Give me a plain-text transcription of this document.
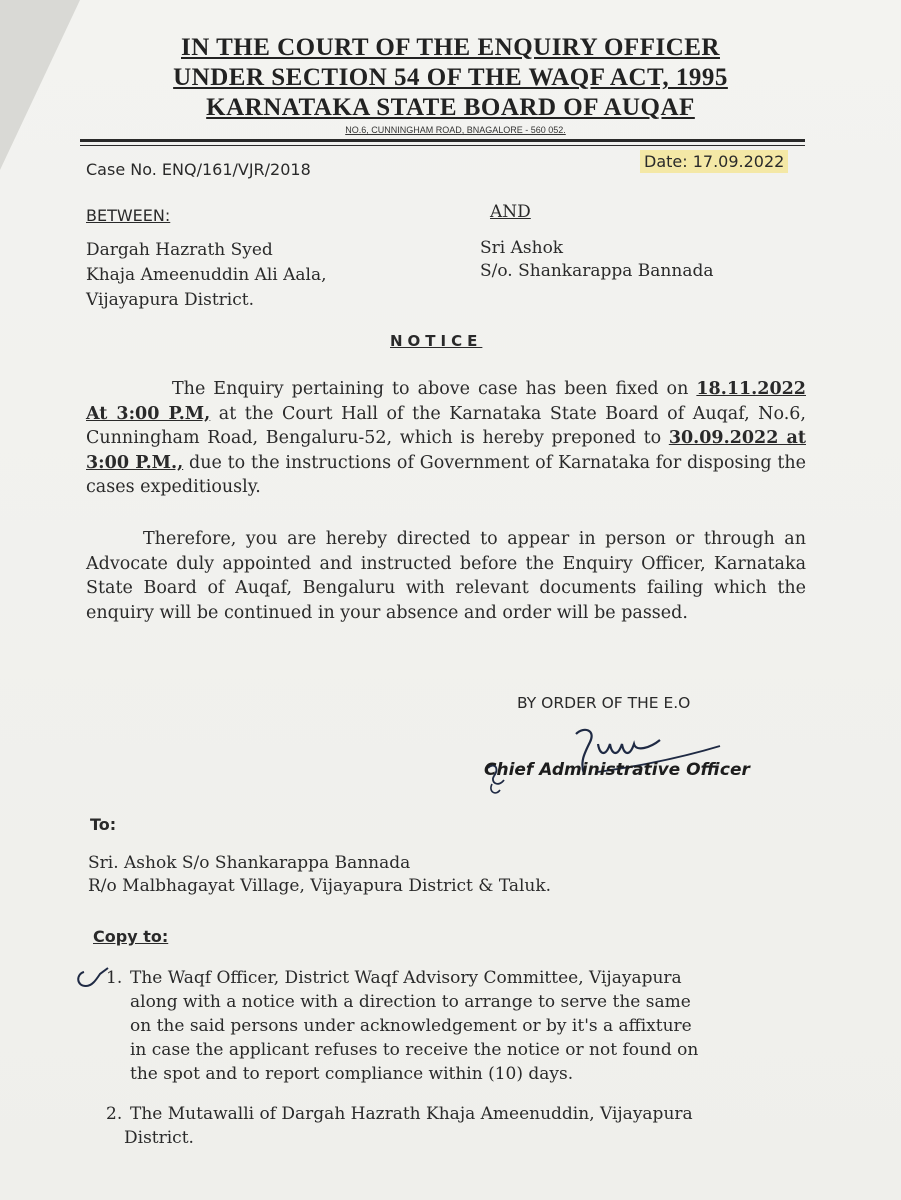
IN THE COURT OF THE ENQUIRY OFFICER
UNDER SECTION 54 OF THE WAQF ACT, 1995
KARNATAKA STATE BOARD OF AUQAF
NO.6, CUNNINGHAM ROAD, BNAGALORE - 560 052.
Case No. ENQ/161/VJR/2018	Date: 17.09.2022
BETWEEN:	AND
Dargah Hazrath Syed
Khaja Ameenuddin Ali Aala,
Vijayapura District.
Sri Ashok
S/o. Shankarappa Bannada
NOTICE
The Enquiry pertaining to above case has been fixed on 18.11.2022 At 3:00 P.M, at the Court Hall of the Karnataka State Board of Auqaf, No.6, Cunningham Road, Bengaluru-52, which is hereby preponed to 30.09.2022 at 3:00 P.M., due to the instructions of Government of Karnataka for disposing the cases expeditiously.
Therefore, you are hereby directed to appear in person or through an Advocate duly appointed and instructed before the Enquiry Officer, Karnataka State Board of Auqaf, Bengaluru with relevant documents failing which the enquiry will be continued in your absence and order will be passed.
BY ORDER OF THE E.O
Chief Administrative Officer
To:
Sri. Ashok S/o Shankarappa Bannada
R/o Malbhagayat Village, Vijayapura District & Taluk.
Copy to:
1. The Waqf Officer, District Waqf Advisory Committee, Vijayapura
along with a notice with a direction to arrange to serve the same
on the said persons under acknowledgement or by it's a affixture
in case the applicant refuses to receive the notice or not found on
the spot and to report compliance within (10) days.
2. The Mutawalli of Dargah Hazrath Khaja Ameenuddin, Vijayapura
District.
